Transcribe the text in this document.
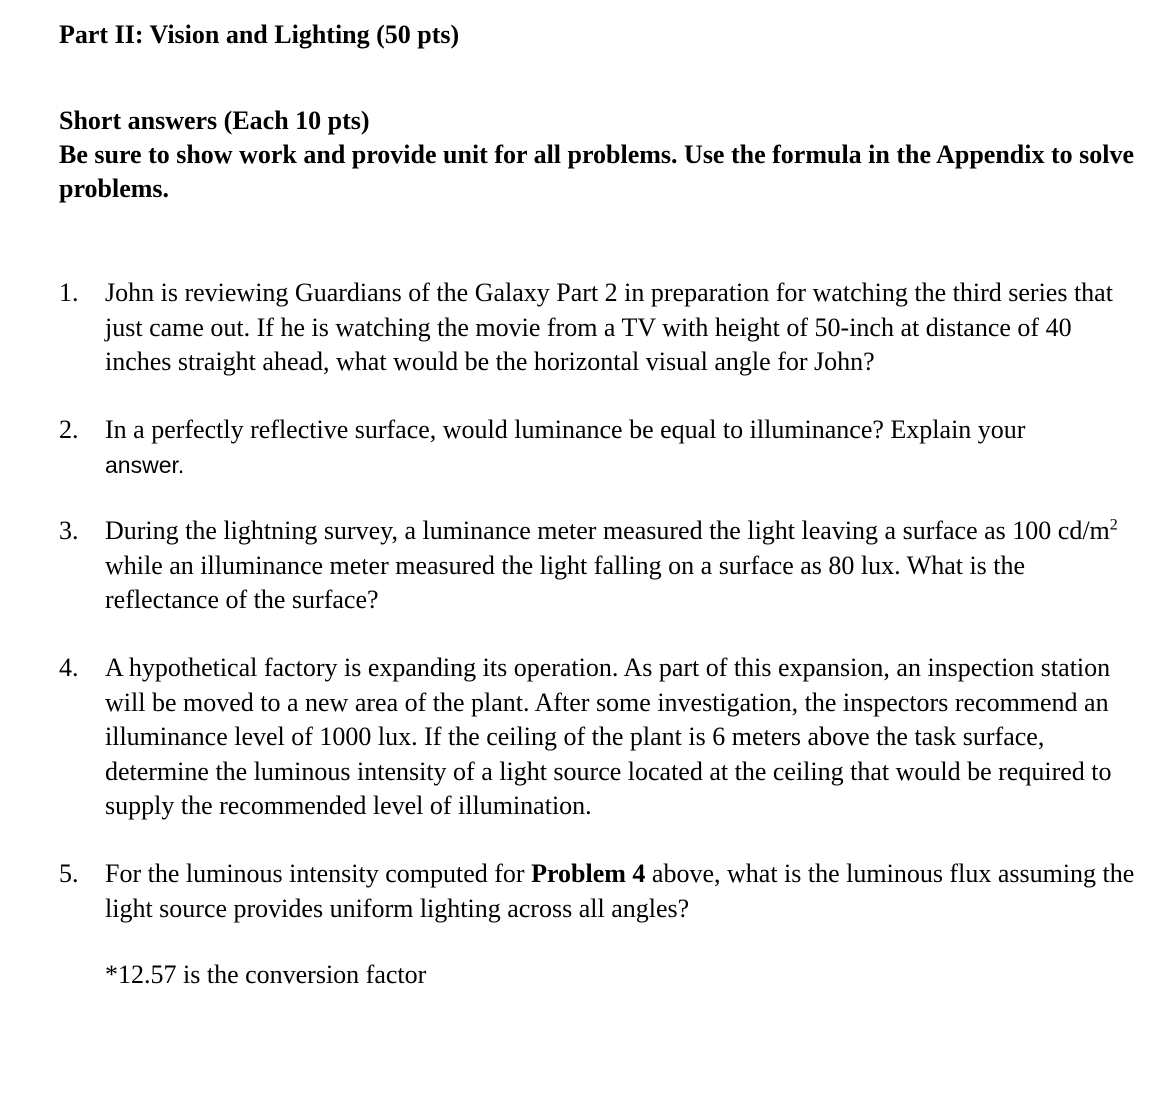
Part II: Vision and Lighting (50 pts)
Short answers (Each 10 pts)
Be sure to show work and provide unit for all problems. Use the formula in the Appendix to solve problems.
1. John is reviewing Guardians of the Galaxy Part 2 in preparation for watching the third series that just came out. If he is watching the movie from a TV with height of 50-inch at distance of 40 inches straight ahead, what would be the horizontal visual angle for John?
2. In a perfectly reflective surface, would luminance be equal to illuminance? Explain your
answer.
3. During the lightning survey, a luminance meter measured the light leaving a surface as 100 $cd/m^2$ while an illuminance meter measured the light falling on a surface as 80 lux. What is the reflectance of the surface?
4. A hypothetical factory is expanding its operation. As part of this expansion, an inspection station will be moved to a new area of the plant. After some investigation, the inspectors recommend an illuminance level of 1000 lux. If the ceiling of the plant is 6 meters above the task surface, determine the luminous intensity of a light source located at the ceiling that would be required to supply the recommended level of illumination.
5. For the luminous intensity computed for Problem 4 above, what is the luminous flux assuming the light source provides uniform lighting across all angles?
*12.57 is the conversion factor
